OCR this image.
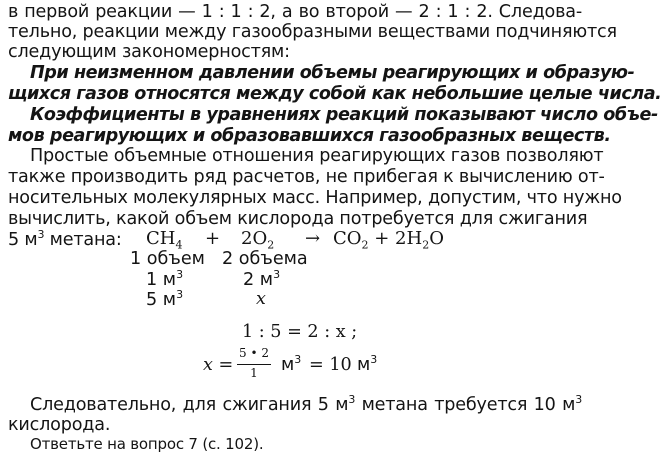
в первой реакции — 1 : 1 : 2, а во второй — 2 : 1 : 2. Следова-
тельно, реакции между газообразными веществами подчиняются
следующим закономерностям:
При неизменном давлении объемы реагирующих и образую-
щихся газов относятся между собой как небольшие целые числа.
Коэффициенты в уравнениях реакций показывают число объе-
мов реагирующих и образовавшихся газообразных веществ.
Простые объемные отношения реагирующих газов позволяют
также производить ряд расчетов, не прибегая к вычислению от-
носительных молекулярных масс. Например, допустим, что нужно
вычислить, какой объем кислорода потребуется для сжигания
5 $м^3$ метана:	$CH_4 + 2O_2 \to CO_2 + 2H_2O$
1 объем 2 объема
1 $м^3$	2 $м^3$
5 $м^3$	x
1 : 5 = 2 : x ;
x =
5 • 2
1	$м^3 = 10$ $м^3$
Следовательно, для сжигания 5 $м^3$ метана требуется 10 $м^3$
кислорода.
Ответьте на вопрос 7 (с. 102).
